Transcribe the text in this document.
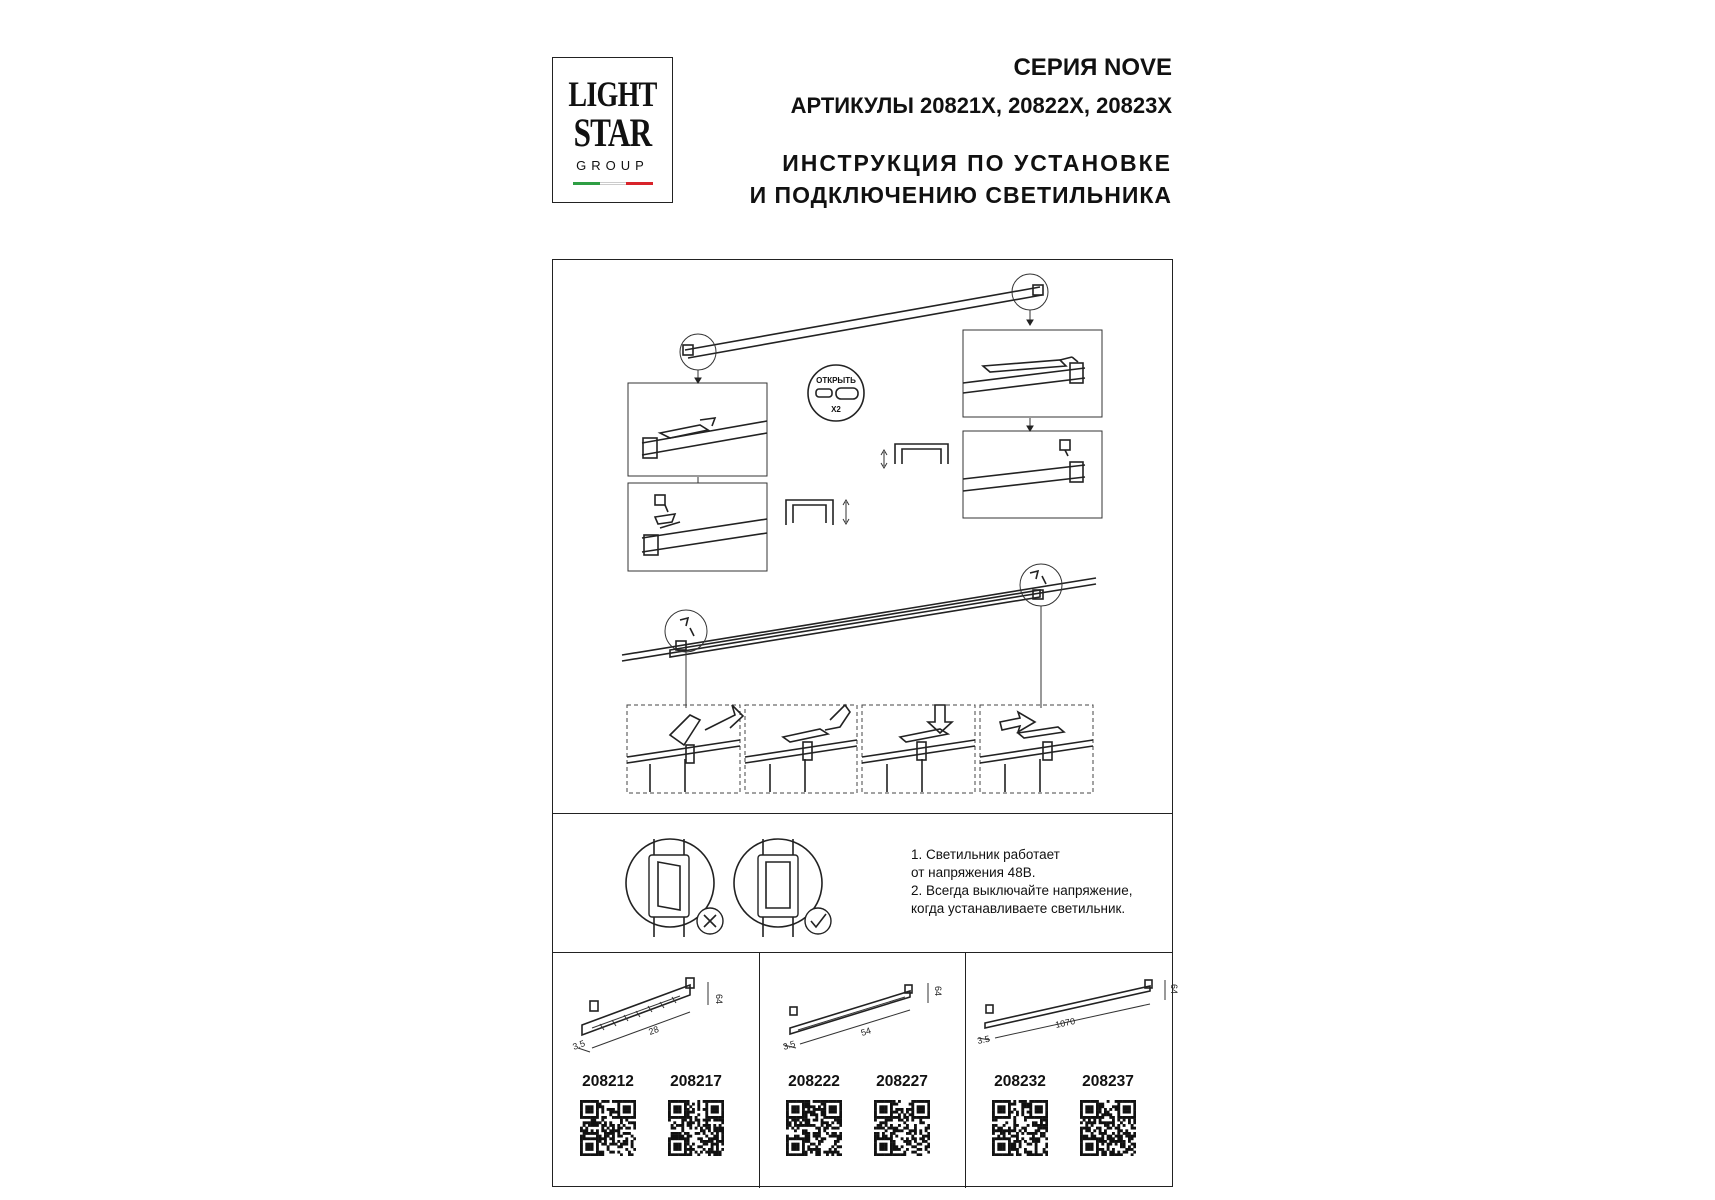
LIGHT
STAR
GROUP
СЕРИЯ NOVE
АРТИКУЛЫ 20821X, 20822X, 20823X
ИНСТРУКЦИЯ ПО УСТАНОВКЕ
И ПОДКЛЮЧЕНИЮ СВЕТИЛЬНИКА
ОТКРЫТЬ
X2
64
28
3.5
64
54
3.5
64
1070
3.5
1. Светильник работает
от напряжения 48В.
2. Всегда выключайте напряжение,
когда устанавливаете светильник.
208212	208217	208222	208227	208232	208237
